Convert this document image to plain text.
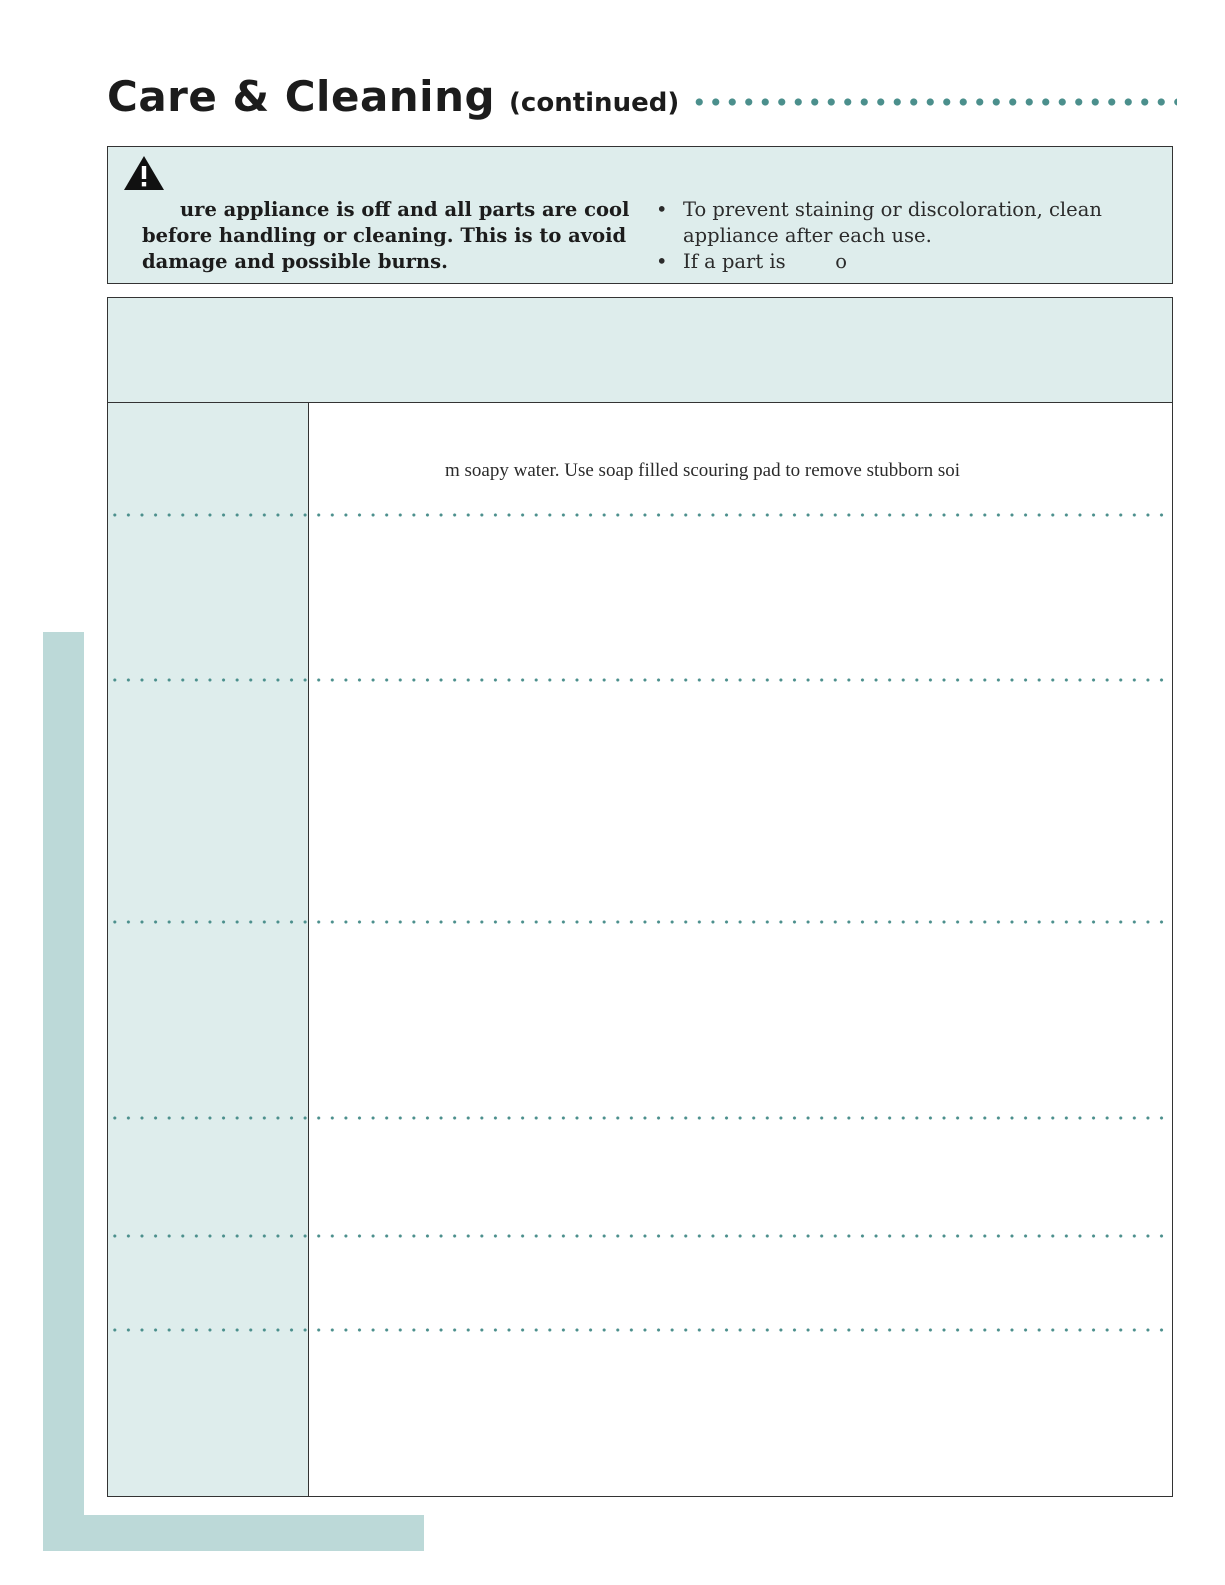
Care & Cleaning (continued)
ure appliance is off and all parts are cool before handling or cleaning. This is to avoid damage and possible burns.
• To prevent staining or discoloration, clean appliance after each use.
• If a part is        o
m soapy water. Use soap filled scouring pad to remove stubborn soi
